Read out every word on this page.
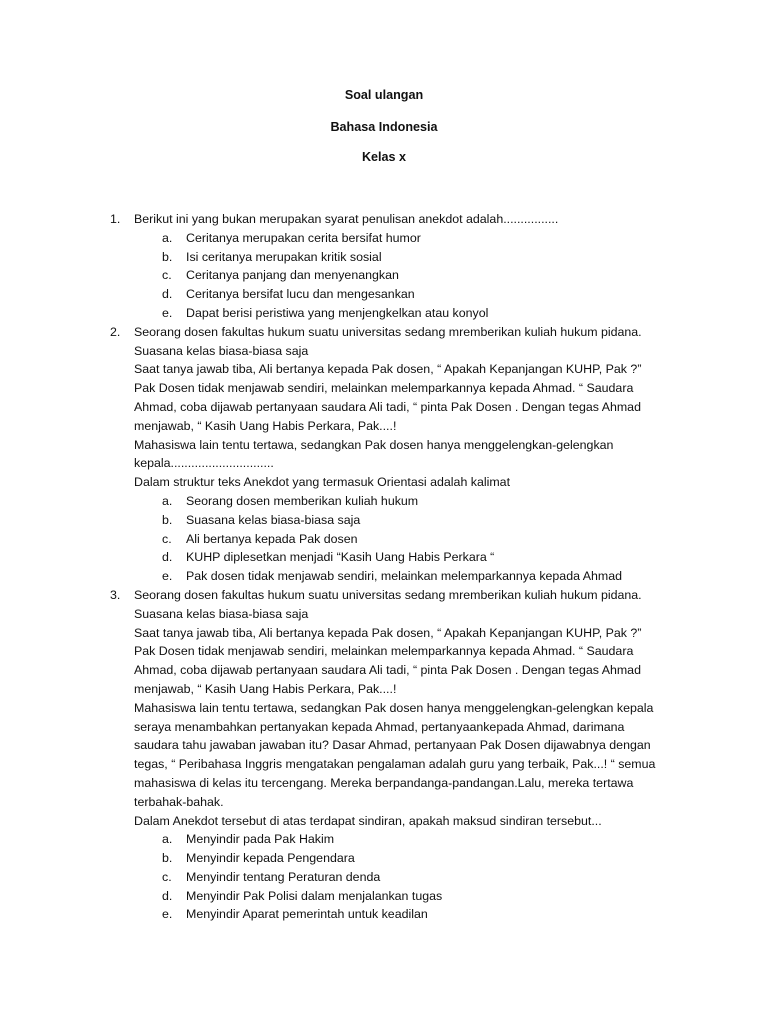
Soal ulangan
Bahasa Indonesia
Kelas x
1.	Berikut ini yang bukan merupakan syarat penulisan anekdot adalah................
a. Ceritanya merupakan cerita bersifat humor
b. Isi ceritanya merupakan kritik sosial
c. Ceritanya panjang dan menyenangkan
d. Ceritanya bersifat lucu dan mengesankan
e. Dapat berisi peristiwa yang menjengkelkan atau konyol
2.	Seorang dosen fakultas hukum suatu universitas sedang mremberikan kuliah hukum pidana.
Suasana kelas biasa-biasa saja
Saat tanya jawab tiba, Ali bertanya kepada Pak dosen, “ Apakah Kepanjangan KUHP, Pak ?”
Pak Dosen tidak menjawab sendiri, melainkan melemparkannya kepada Ahmad. “ Saudara
Ahmad, coba dijawab pertanyaan saudara Ali tadi, “ pinta Pak Dosen . Dengan tegas Ahmad
menjawab, “ Kasih Uang Habis Perkara, Pak....!
Mahasiswa lain tentu tertawa, sedangkan Pak dosen hanya menggelengkan-gelengkan
kepala..............................
Dalam struktur teks Anekdot yang termasuk Orientasi adalah kalimat
a. Seorang dosen memberikan kuliah hukum
b. Suasana kelas biasa-biasa saja
c. Ali bertanya kepada Pak dosen
d. KUHP diplesetkan menjadi “Kasih Uang Habis Perkara “
e. Pak dosen tidak menjawab sendiri, melainkan melemparkannya kepada Ahmad
3.	Seorang dosen fakultas hukum suatu universitas sedang mremberikan kuliah hukum pidana.
Suasana kelas biasa-biasa saja
Saat tanya jawab tiba, Ali bertanya kepada Pak dosen, “ Apakah Kepanjangan KUHP, Pak ?”
Pak Dosen tidak menjawab sendiri, melainkan melemparkannya kepada Ahmad. “ Saudara
Ahmad, coba dijawab pertanyaan saudara Ali tadi, “ pinta Pak Dosen . Dengan tegas Ahmad
menjawab, “ Kasih Uang Habis Perkara, Pak....!
Mahasiswa lain tentu tertawa, sedangkan Pak dosen hanya menggelengkan-gelengkan kepala
seraya menambahkan pertanyakan kepada Ahmad, pertanyaankepada Ahmad, darimana
saudara tahu jawaban jawaban itu? Dasar Ahmad, pertanyaan Pak Dosen dijawabnya dengan
tegas, “ Peribahasa Inggris mengatakan pengalaman adalah guru yang terbaik, Pak...! “ semua
mahasiswa di kelas itu tercengang. Mereka berpandanga-pandangan.Lalu, mereka tertawa
terbahak-bahak.
Dalam Anekdot tersebut di atas terdapat sindiran, apakah maksud sindiran tersebut...
a. Menyindir pada Pak Hakim
b. Menyindir kepada Pengendara
c. Menyindir tentang Peraturan denda
d. Menyindir Pak Polisi dalam menjalankan tugas
e. Menyindir Aparat pemerintah untuk keadilan
